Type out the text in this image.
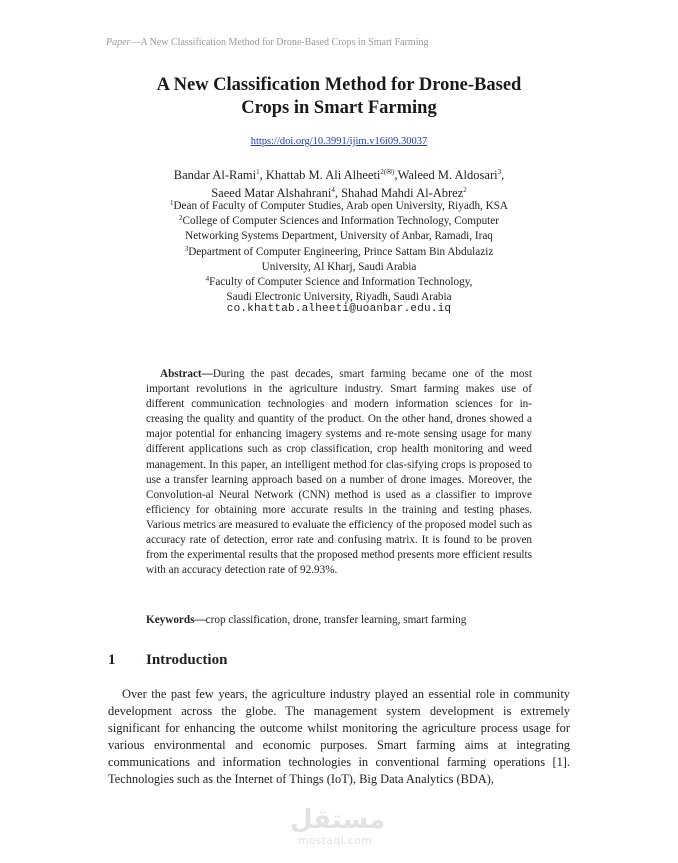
Paper—A New Classification Method for Drone-Based Crops in Smart Farming
A New Classification Method for Drone-Based
Crops in Smart Farming
https://doi.org/10.3991/ijim.v16i09.30037
Bandar Al-Rami$^1$, Khattab M. Ali Alheeti$^{2(✉)}$,Waleed M. Aldosari$^3$,
Saeed Matar Alshahrani$^4$, Shahad Mahdi Al-Abrez$^2$
$^1$Dean of Faculty of Computer Studies, Arab open University, Riyadh, KSA
$^2$College of Computer Sciences and Information Technology, Computer
Networking Systems Department, University of Anbar, Ramadi, Iraq
$^3$Department of Computer Engineering, Prince Sattam Bin Abdulaziz
University, Al Kharj, Saudi Arabia
$^4$Faculty of Computer Science and Information Technology,
Saudi Electronic University, Riyadh, Saudi Arabia
co.khattab.alheeti@uoanbar.edu.iq
Abstract—During the past decades, smart farming became one of the most important revolutions in the agriculture industry. Smart farming makes use of different communication technologies and modern information sciences for in-creasing the quality and quantity of the product. On the other hand, drones showed a major potential for enhancing imagery systems and re-mote sensing usage for many different applications such as crop classification, crop health monitoring and weed management. In this paper, an intelligent method for clas-sifying crops is proposed to use a transfer learning approach based on a number of drone images. Moreover, the Convolution-al Neural Network (CNN) method is used as a classifier to improve efficiency for obtaining more accurate results in the training and testing phases. Various metrics are measured to evaluate the efficiency of the proposed model such as accuracy rate of detection, error rate and confusing matrix. It is found to be proven from the experimental results that the proposed method presents more efficient results with an accuracy detection rate of 92.93%.
Keywords—crop classification, drone, transfer learning, smart farming
1 Introduction
Over the past few years, the agriculture industry played an essential role in community development across the globe. The management system development is extremely significant for enhancing the outcome whilst monitoring the agriculture process usage for various environmental and economic purposes. Smart farming aims at integrating communications and information technologies in conventional farming operations [1]. Technologies such as the Internet of Things (IoT), Big Data Analytics (BDA),
مستقل
mostaql.com
